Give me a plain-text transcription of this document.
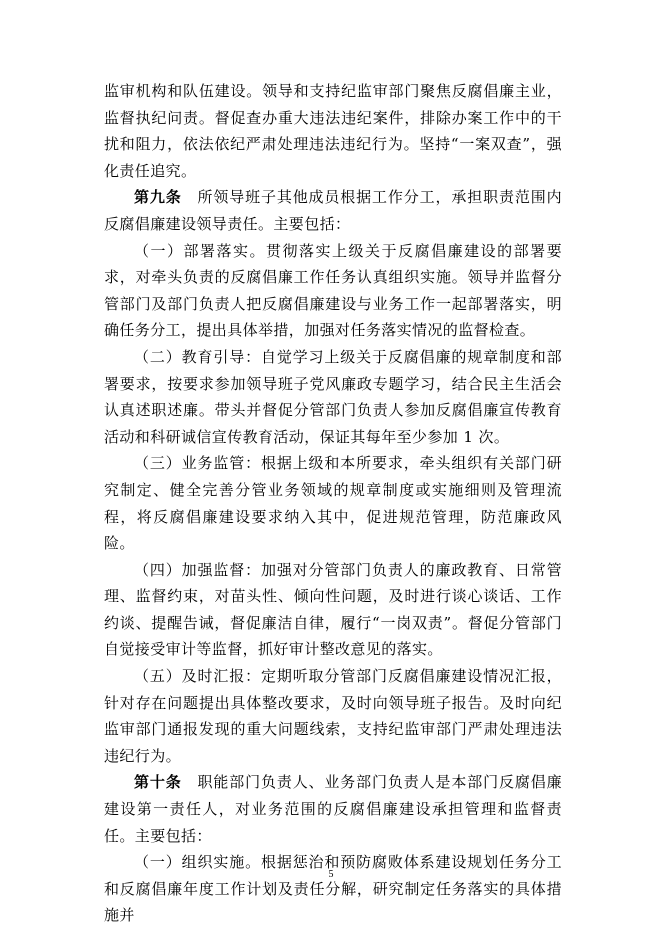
监审机构和队伍建设。领导和支持纪监审部门聚焦反腐倡廉主业，监督执纪问责。督促查办重大违法违纪案件，排除办案工作中的干扰和阻力，依法依纪严肃处理违法违纪行为。坚持“一案双查”，强化责任追究。

第九条　所领导班子其他成员根据工作分工，承担职责范围内反腐倡廉建设领导责任。主要包括：

（一）部署落实。贯彻落实上级关于反腐倡廉建设的部署要求，对牵头负责的反腐倡廉工作任务认真组织实施。领导并监督分管部门及部门负责人把反腐倡廉建设与业务工作一起部署落实，明确任务分工，提出具体举措，加强对任务落实情况的监督检查。

（二）教育引导：自觉学习上级关于反腐倡廉的规章制度和部署要求，按要求参加领导班子党风廉政专题学习，结合民主生活会认真述职述廉。带头并督促分管部门负责人参加反腐倡廉宣传教育活动和科研诚信宣传教育活动，保证其每年至少参加 1 次。

（三）业务监管：根据上级和本所要求，牵头组织有关部门研究制定、健全完善分管业务领域的规章制度或实施细则及管理流程，将反腐倡廉建设要求纳入其中，促进规范管理，防范廉政风险。

（四）加强监督：加强对分管部门负责人的廉政教育、日常管理、监督约束，对苗头性、倾向性问题，及时进行谈心谈话、工作约谈、提醒告诫，督促廉洁自律，履行“一岗双责”。督促分管部门自觉接受审计等监督，抓好审计整改意见的落实。

（五）及时汇报：定期听取分管部门反腐倡廉建设情况汇报，针对存在问题提出具体整改要求，及时向领导班子报告。及时向纪监审部门通报发现的重大问题线索，支持纪监审部门严肃处理违法违纪行为。

第十条　职能部门负责人、业务部门负责人是本部门反腐倡廉建设第一责任人，对业务范围的反腐倡廉建设承担管理和监督责任。主要包括：

（一）组织实施。根据惩治和预防腐败体系建设规划任务分工和反腐倡廉年度工作计划及责任分解，研究制定任务落实的具体措施并

5
